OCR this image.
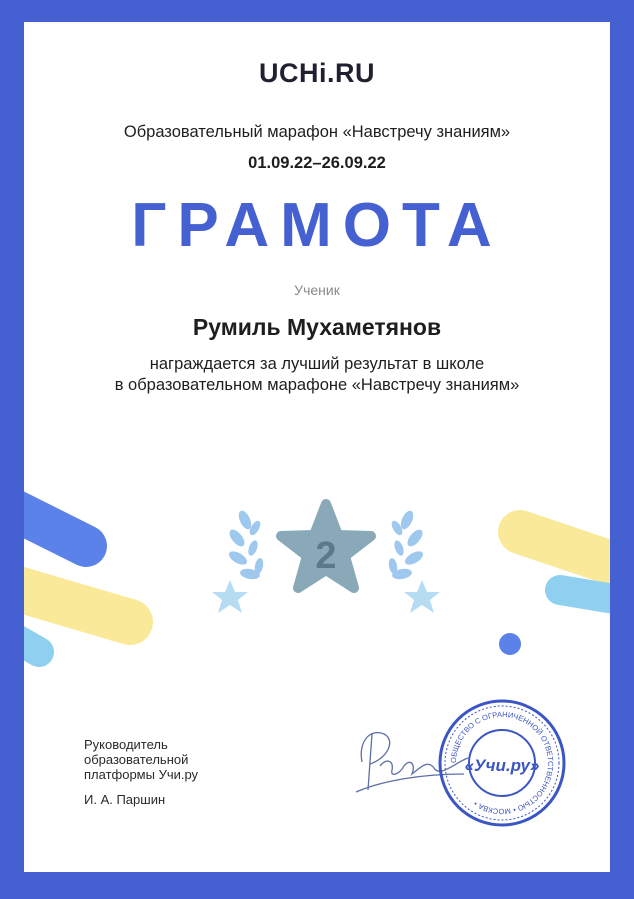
2
ОБЩЕСТВО С ОГРАНИЧЕННОЙ ОТВЕТСТВЕННОСТЬЮ • МОСКВА •
«Учи.ру»
UCHi.RU
Образовательный марафон «Навстречу знаниям»
01.09.22–26.09.22
ГРАМОТА
Ученик
Румиль Мухаметянов
награждается за лучший результат в школе
в образовательном марафоне «Навстречу знаниям»
Руководитель
образовательной
платформы Учи.ру
И. А. Паршин
